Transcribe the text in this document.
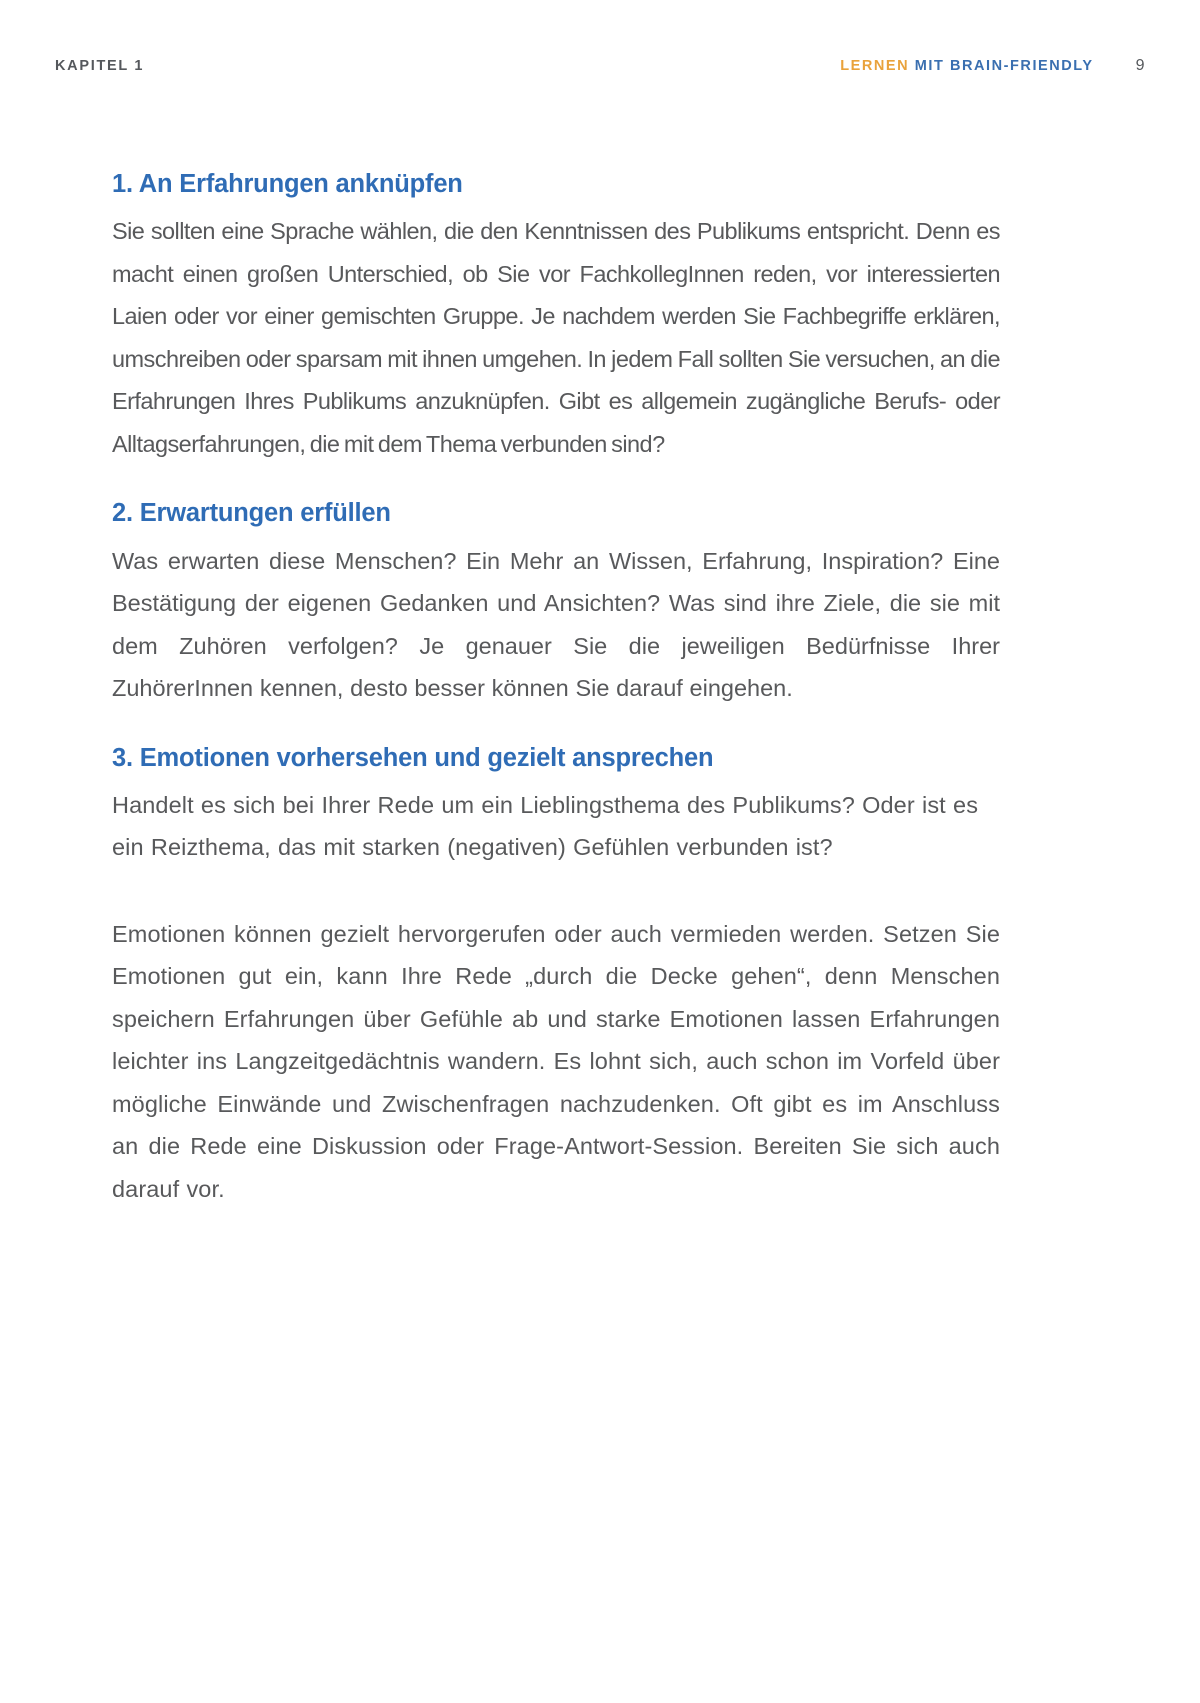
KAPITEL 1	LERNEN MIT BRAIN-FRIENDLY	9
1. An Erfahrungen anknüpfen

Sie sollten eine Sprache wählen, die den Kenntnissen des Publikums entspricht. Denn es macht einen großen Unterschied, ob Sie vor FachkollegInnen reden, vor interessierten Laien oder vor einer gemischten Gruppe. Je nachdem werden Sie Fachbegriffe erklären, umschreiben oder sparsam mit ihnen umgehen. In jedem Fall sollten Sie versuchen, an die Erfahrungen Ihres Publikums anzuknüpfen. Gibt es allgemein zugängliche Berufs- oder Alltagserfahrungen, die mit dem Thema verbunden sind?

2. Erwartungen erfüllen

Was erwarten diese Menschen? Ein Mehr an Wissen, Erfahrung, Inspiration? Eine Bestätigung der eigenen Gedanken und Ansichten? Was sind ihre Ziele, die sie mit dem Zuhören verfolgen? Je genauer Sie die jeweiligen Bedürfnisse Ihrer ZuhörerInnen kennen, desto besser können Sie darauf eingehen.

3. Emotionen vorhersehen und gezielt ansprechen

Handelt es sich bei Ihrer Rede um ein Lieblingsthema des Publikums? Oder ist es ein Reizthema, das mit starken (negativen) Gefühlen verbunden ist?

Emotionen können gezielt hervorgerufen oder auch vermieden werden. Setzen Sie Emotionen gut ein, kann Ihre Rede „durch die Decke gehen“, denn Menschen speichern Erfahrungen über Gefühle ab und starke Emotionen lassen Erfahrungen leichter ins Langzeitgedächtnis wandern. Es lohnt sich, auch schon im Vorfeld über mögliche Einwände und Zwischenfragen nachzudenken. Oft gibt es im Anschluss an die Rede eine Diskussion oder Frage-Antwort-Session. Bereiten Sie sich auch darauf vor.
